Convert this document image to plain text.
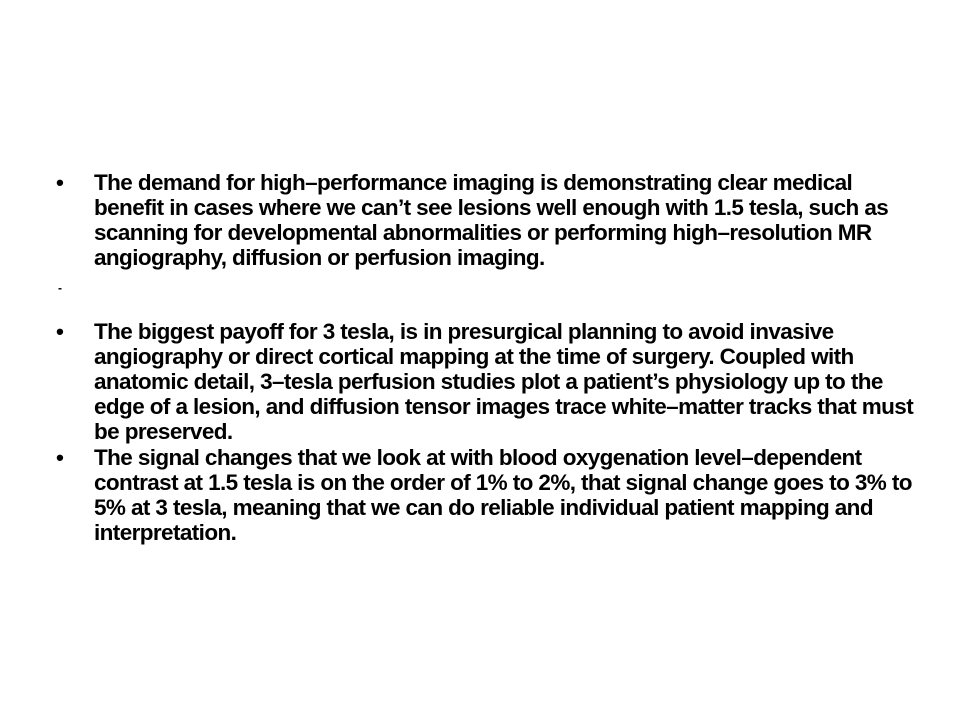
•	The demand for high–performance imaging is demonstrating clear medical benefit in cases where we can’t see lesions well enough with 1.5 tesla, such as scanning for developmental abnormalities or performing high–resolution MR angiography, diffusion or perfusion imaging.
-
•	The biggest payoff for 3 tesla, is in presurgical planning to avoid invasive angiography or direct cortical mapping at the time of surgery. Coupled with anatomic detail, 3–tesla perfusion studies plot a patient’s physiology up to the edge of a lesion, and diffusion tensor images trace white–matter tracks that must be preserved.
•	The signal changes that we look at with blood oxygenation level–dependent contrast at 1.5 tesla is on the order of 1% to 2%, that signal change goes to 3% to 5% at 3 tesla, meaning that we can do reliable individual patient mapping and interpretation.
